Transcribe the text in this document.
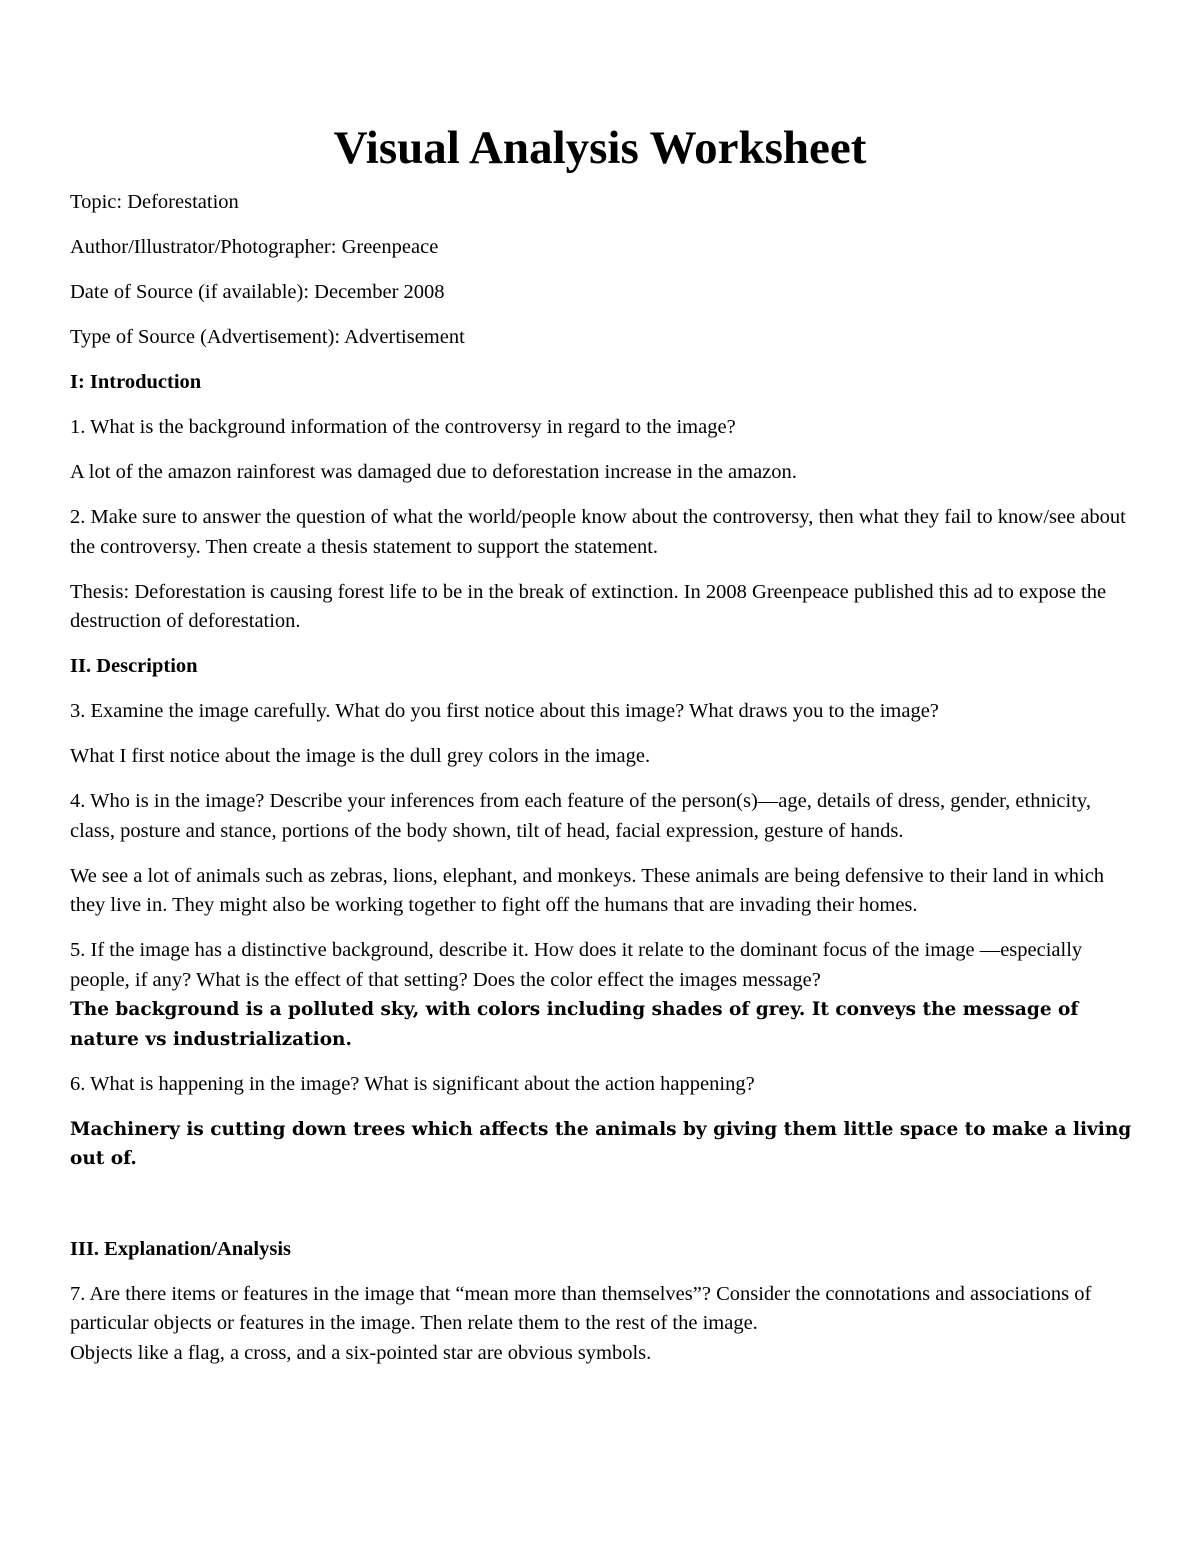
Visual Analysis Worksheet

Topic: Deforestation

Author/Illustrator/Photographer: Greenpeace

Date of Source (if available): December 2008

Type of Source (Advertisement): Advertisement

I: Introduction

1. What is the background information of the controversy in regard to the image?

A lot of the amazon rainforest was damaged due to deforestation increase in the amazon.

2. Make sure to answer the question of what the world/people know about the controversy, then what they fail to know/see about the controversy. Then create a thesis statement to support the statement.

Thesis: Deforestation is causing forest life to be in the break of extinction. In 2008 Greenpeace published this ad to expose the destruction of deforestation.

II. Description

3. Examine the image carefully. What do you first notice about this image? What draws you to the image?

What I first notice about the image is the dull grey colors in the image.

4. Who is in the image? Describe your inferences from each feature of the person(s)—age, details of dress, gender, ethnicity, class, posture and stance, portions of the body shown, tilt of head, facial expression, gesture of hands.

We see a lot of animals such as zebras, lions, elephant, and monkeys. These animals are being defensive to their land in which they live in. They might also be working together to fight off the humans that are invading their homes.

5. If the image has a distinctive background, describe it. How does it relate to the dominant focus of the image —especially people, if any? What is the effect of that setting? Does the color effect the images message?

The background is a polluted sky, with colors including shades of grey. It conveys the message of nature vs industrialization.

6. What is happening in the image? What is significant about the action happening?

Machinery is cutting down trees which affects the animals by giving them little space to make a living out of.

III. Explanation/Analysis

7. Are there items or features in the image that “mean more than themselves”? Consider the connotations and associations of particular objects or features in the image. Then relate them to the rest of the image.

Objects like a flag, a cross, and a six-pointed star are obvious symbols.
